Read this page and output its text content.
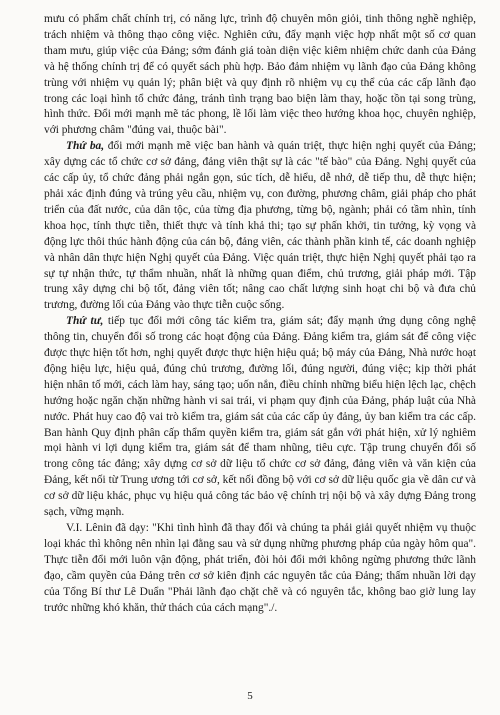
mưu có phẩm chất chính trị, có năng lực, trình độ chuyên môn giỏi, tinh thông nghề nghiệp, trách nhiệm và thông thạo công việc. Nghiên cứu, đẩy mạnh việc hợp nhất một số cơ quan tham mưu, giúp việc của Đảng; sớm đánh giá toàn diện việc kiêm nhiệm chức danh của Đảng và hệ thống chính trị để có quyết sách phù hợp. Bảo đảm nhiệm vụ lãnh đạo của Đảng không trùng với nhiệm vụ quản lý; phân biệt và quy định rõ nhiệm vụ cụ thể của các cấp lãnh đạo trong các loại hình tổ chức đảng, tránh tình trạng bao biện làm thay, hoặc tồn tại song trùng, hình thức. Đổi mới mạnh mẽ tác phong, lề lối làm việc theo hướng khoa học, chuyên nghiệp, với phương châm "đúng vai, thuộc bài".

Thứ ba, đổi mới mạnh mẽ việc ban hành và quán triệt, thực hiện nghị quyết của Đảng; xây dựng các tổ chức cơ sở đảng, đảng viên thật sự là các "tế bào" của Đảng. Nghị quyết của các cấp ủy, tổ chức đảng phải ngắn gọn, súc tích, dễ hiểu, dễ nhớ, dễ tiếp thu, dễ thực hiện; phải xác định đúng và trúng yêu cầu, nhiệm vụ, con đường, phương châm, giải pháp cho phát triển của đất nước, của dân tộc, của từng địa phương, từng bộ, ngành; phải có tầm nhìn, tính khoa học, tính thực tiễn, thiết thực và tính khả thi; tạo sự phấn khởi, tin tưởng, kỳ vọng và động lực thôi thúc hành động của cán bộ, đảng viên, các thành phần kinh tế, các doanh nghiệp và nhân dân thực hiện Nghị quyết của Đảng. Việc quán triệt, thực hiện Nghị quyết phải tạo ra sự tự nhận thức, tự thẩm nhuần, nhất là những quan điểm, chủ trương, giải pháp mới. Tập trung xây dựng chi bộ tốt, đảng viên tốt; nâng cao chất lượng sinh hoạt chi bộ và đưa chủ trương, đường lối của Đảng vào thực tiễn cuộc sống.

Thứ tư, tiếp tục đổi mới công tác kiểm tra, giám sát; đẩy mạnh ứng dụng công nghệ thông tin, chuyển đổi số trong các hoạt động của Đảng. Đảng kiểm tra, giám sát để công việc được thực hiện tốt hơn, nghị quyết được thực hiện hiệu quả; bộ máy của Đảng, Nhà nước hoạt động hiệu lực, hiệu quả, đúng chủ trương, đường lối, đúng người, đúng việc; kịp thời phát hiện nhân tố mới, cách làm hay, sáng tạo; uốn nắn, điều chỉnh những biểu hiện lệch lạc, chệch hướng hoặc ngăn chặn những hành vi sai trái, vi phạm quy định của Đảng, pháp luật của Nhà nước. Phát huy cao độ vai trò kiểm tra, giám sát của các cấp ủy đảng, ủy ban kiểm tra các cấp. Ban hành Quy định phân cấp thẩm quyền kiểm tra, giám sát gắn với phát hiện, xử lý nghiêm mọi hành vi lợi dụng kiểm tra, giám sát để tham nhũng, tiêu cực. Tập trung chuyển đổi số trong công tác đảng; xây dựng cơ sở dữ liệu tổ chức cơ sở đảng, đảng viên và văn kiện của Đảng, kết nối từ Trung ương tới cơ sở, kết nối đồng bộ với cơ sở dữ liệu quốc gia về dân cư và cơ sở dữ liệu khác, phục vụ hiệu quả công tác bảo vệ chính trị nội bộ và xây dựng Đảng trong sạch, vững mạnh.

V.I. Lênin đã dạy: "Khi tình hình đã thay đổi và chúng ta phải giải quyết nhiệm vụ thuộc loại khác thì không nên nhìn lại đằng sau và sử dụng những phương pháp của ngày hôm qua". Thực tiễn đổi mới luôn vận động, phát triển, đòi hỏi đổi mới không ngừng phương thức lãnh đạo, cầm quyền của Đảng trên cơ sở kiên định các nguyên tắc của Đảng; thấm nhuần lời dạy của Tổng Bí thư Lê Duẩn "Phải lãnh đạo chặt chẽ và có nguyên tắc, không bao giờ lung lay trước những khó khăn, thử thách của cách mạng"./.

5
